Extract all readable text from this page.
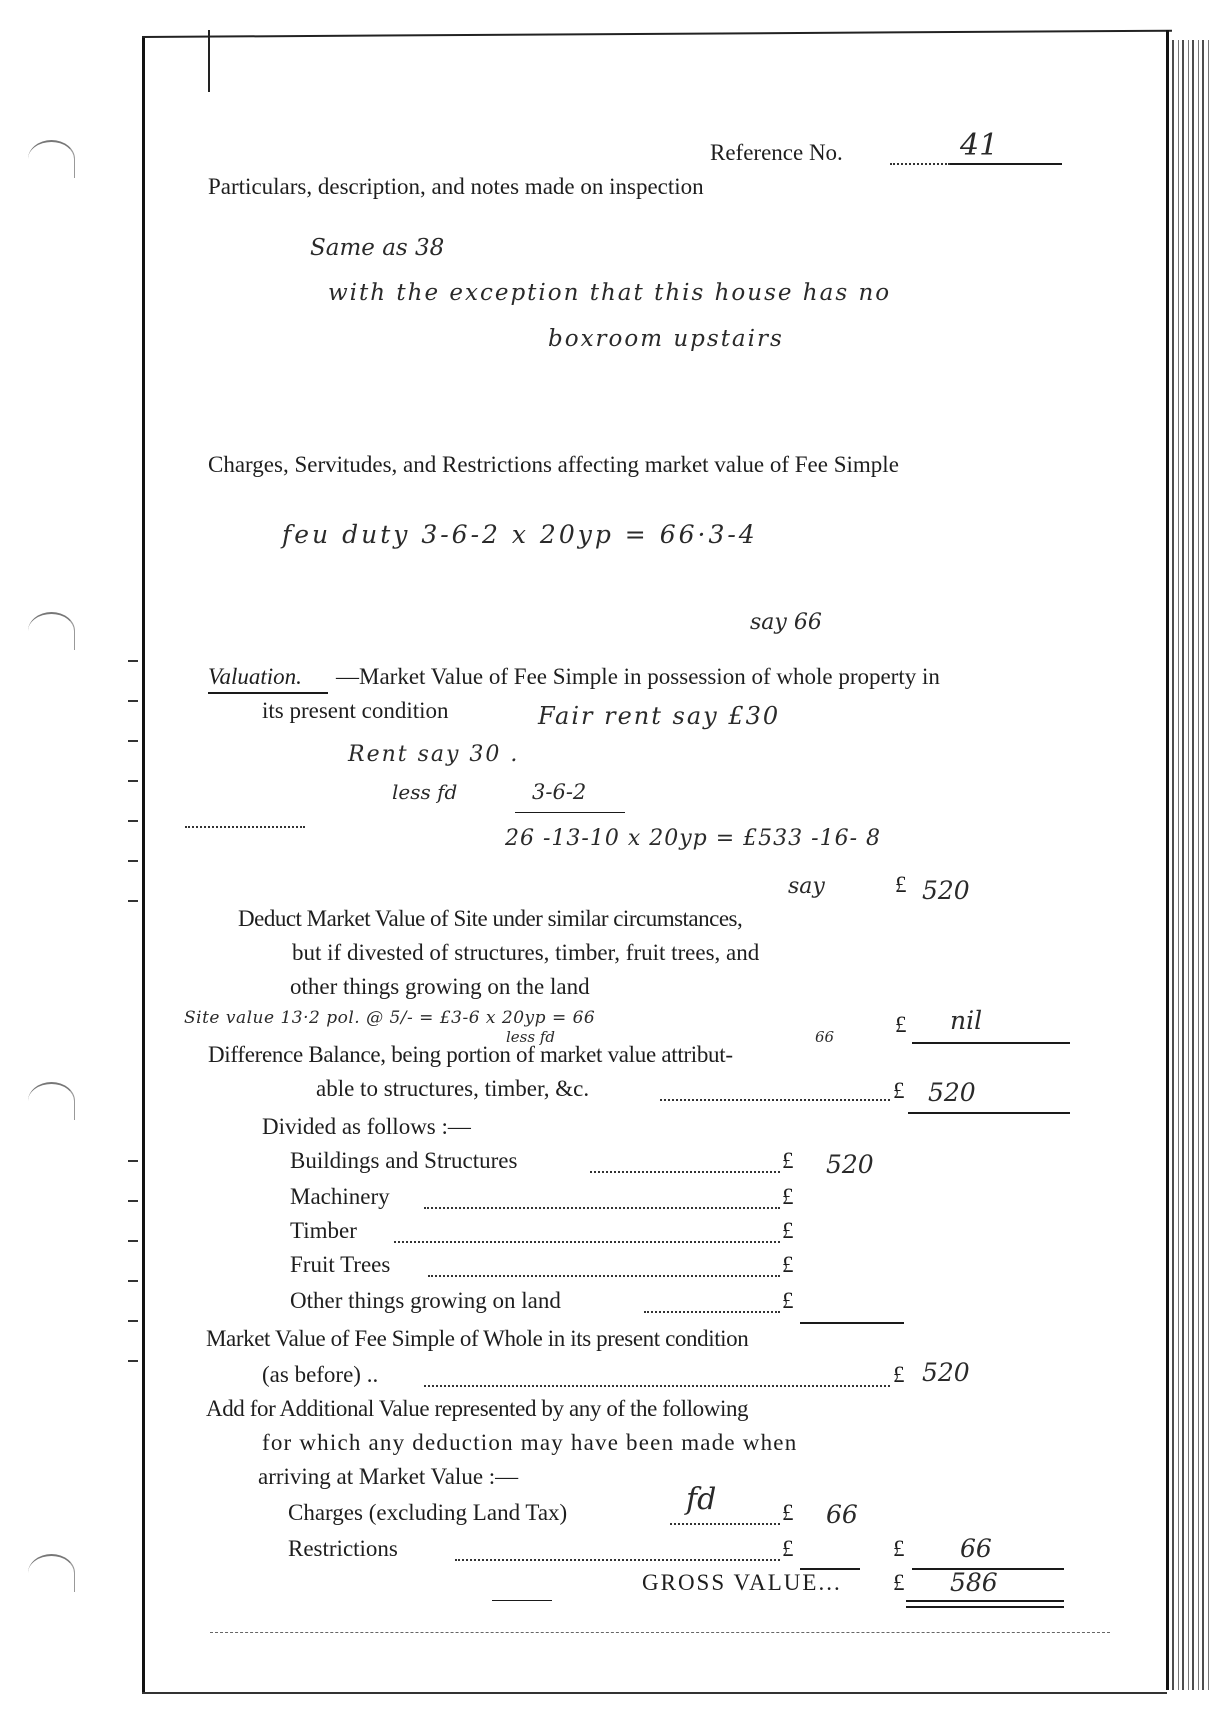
Reference No.	41
Particulars, description, and notes made on inspection
Same as 38
with the exception that this house has no
boxroom upstairs
Charges, Servitudes, and Restrictions affecting market value of Fee Simple
feu duty 3-6-2 x 20yp = 66·3-4
say 66
Valuation. —Market Value of Fee Simple in possession of whole property in
its present condition	Fair rent say £30
Rent say 30 .
less fd	3-6-2
26 -13-10 x 20yp = £533 -16- 8
say	£ 520
Deduct Market Value of Site under similar circumstances,
but if divested of structures, timber, fruit trees, and
other things growing on the land
Site value 13·2 pol. @ 5/- = £3-6 x 20yp = 66
less fd	66	£ nil
Difference Balance, being portion of market value attribut-
able to structures, timber, &c.	£ 520
Divided as follows :—
Buildings and Structures	£ 520
Machinery	£
Timber	£
Fruit Trees	£
Other things growing on land	£
Market Value of Fee Simple of Whole in its present condition
(as before) ..	£ 520
Add for Additional Value represented by any of the following
for which any deduction may have been made when
arriving at Market Value :—
Charges (excluding Land Tax)	fd	£ 66
Restrictions	£	£ 66
GROSS VALUE... £ 586
